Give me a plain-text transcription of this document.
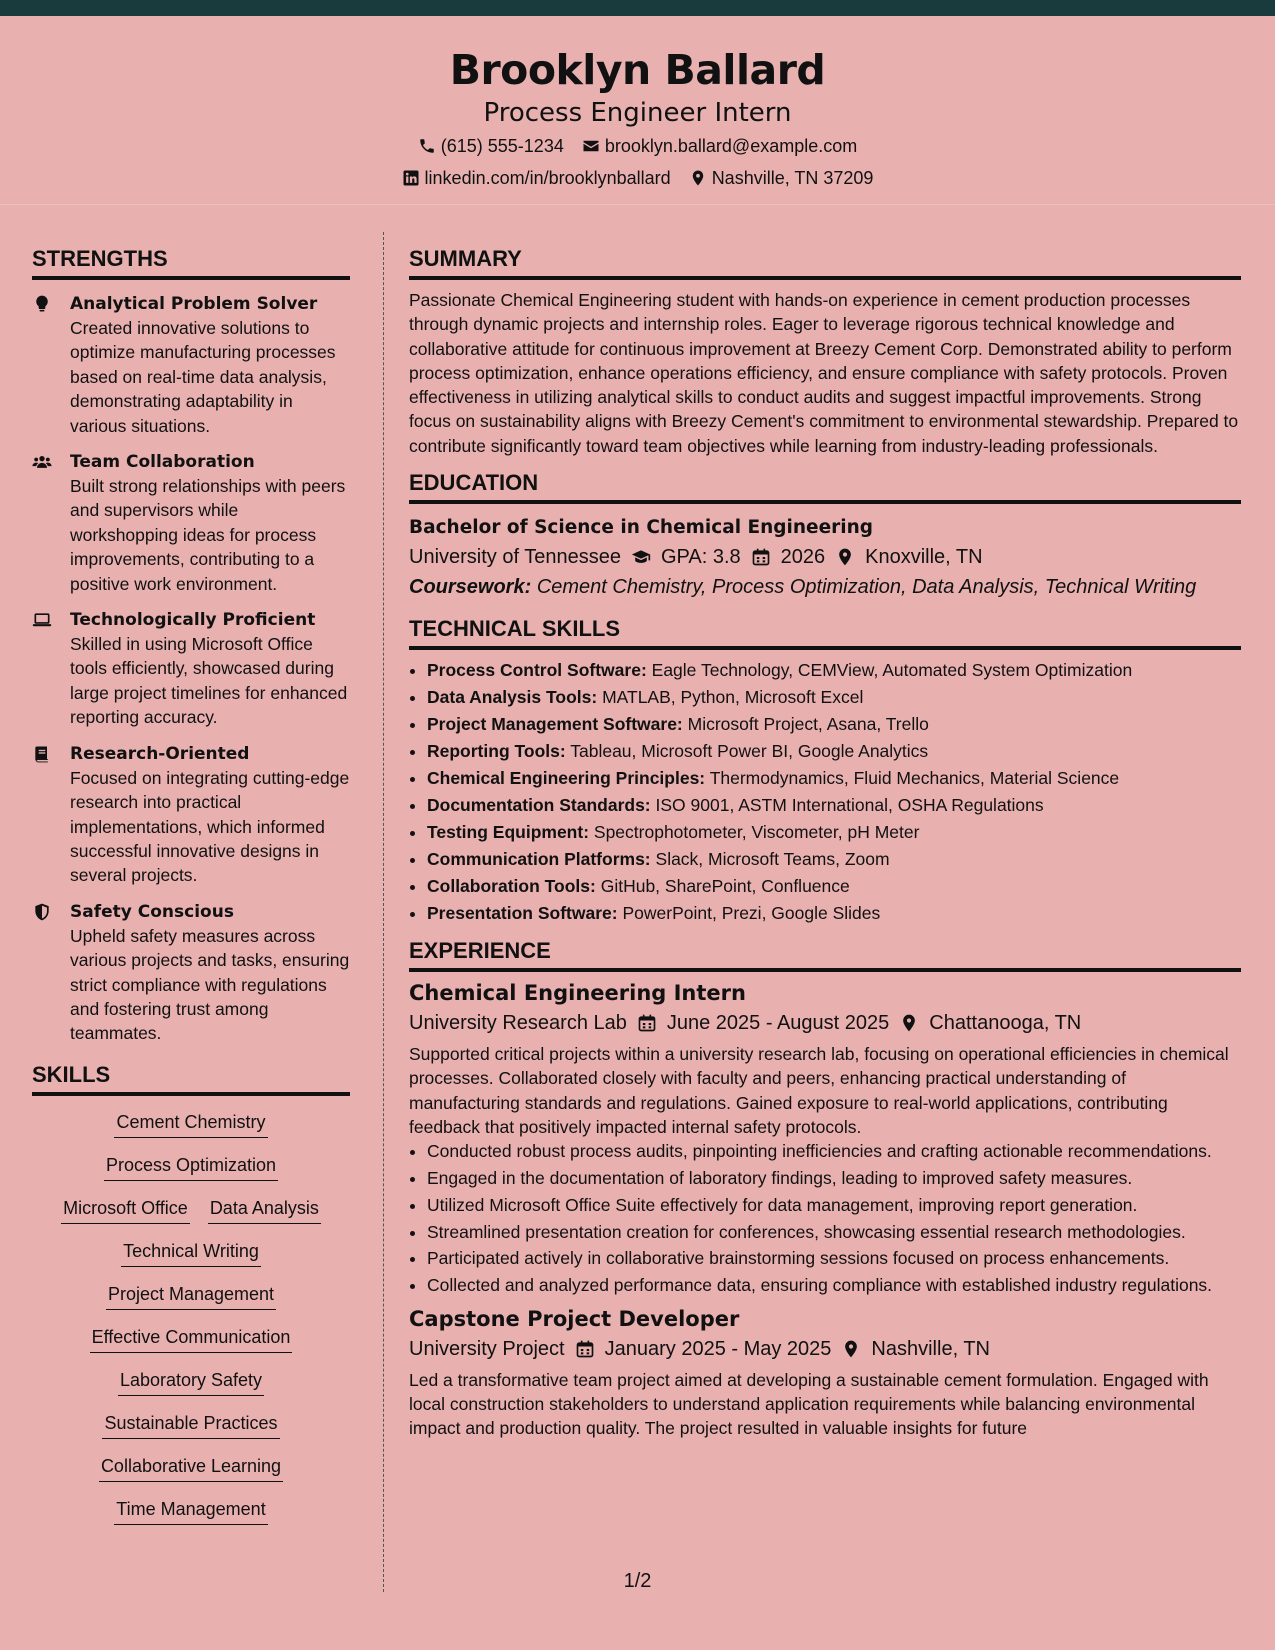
Brooklyn Ballard
Process Engineer Intern
(615) 555-1234 brooklyn.ballard@example.com
linkedin.com/in/brooklynballard Nashville, TN 37209
STRENGTHS
Analytical Problem Solver
Created innovative solutions to optimize manufacturing processes based on real-time data analysis, demonstrating adaptability in various situations.
Team Collaboration
Built strong relationships with peers and supervisors while workshopping ideas for process improvements, contributing to a positive work environment.
Technologically Proficient
Skilled in using Microsoft Office tools efficiently, showcased during large project timelines for enhanced reporting accuracy.
Research-Oriented
Focused on integrating cutting-edge research into practical implementations, which informed successful innovative designs in several projects.
Safety Conscious
Upheld safety measures across various projects and tasks, ensuring strict compliance with regulations and fostering trust among teammates.
SKILLS
Cement Chemistry
Process Optimization
Microsoft Office Data Analysis
Technical Writing
Project Management
Effective Communication
Laboratory Safety
Sustainable Practices
Collaborative Learning
Time Management
SUMMARY
Passionate Chemical Engineering student with hands-on experience in cement production processes through dynamic projects and internship roles. Eager to leverage rigorous technical knowledge and collaborative attitude for continuous improvement at Breezy Cement Corp. Demonstrated ability to perform process optimization, enhance operations efficiency, and ensure compliance with safety protocols. Proven effectiveness in utilizing analytical skills to conduct audits and suggest impactful improvements. Strong focus on sustainability aligns with Breezy Cement's commitment to environmental stewardship. Prepared to contribute significantly toward team objectives while learning from industry-leading professionals.
EDUCATION
Bachelor of Science in Chemical Engineering
University of Tennessee GPA: 3.8 2026 Knoxville, TN
Coursework: Cement Chemistry, Process Optimization, Data Analysis, Technical Writing
TECHNICAL SKILLS
• Process Control Software: Eagle Technology, CEMView, Automated System Optimization
• Data Analysis Tools: MATLAB, Python, Microsoft Excel
• Project Management Software: Microsoft Project, Asana, Trello
• Reporting Tools: Tableau, Microsoft Power BI, Google Analytics
• Chemical Engineering Principles: Thermodynamics, Fluid Mechanics, Material Science
• Documentation Standards: ISO 9001, ASTM International, OSHA Regulations
• Testing Equipment: Spectrophotometer, Viscometer, pH Meter
• Communication Platforms: Slack, Microsoft Teams, Zoom
• Collaboration Tools: GitHub, SharePoint, Confluence
• Presentation Software: PowerPoint, Prezi, Google Slides
EXPERIENCE
Chemical Engineering Intern
University Research Lab June 2025 - August 2025 Chattanooga, TN
Supported critical projects within a university research lab, focusing on operational efficiencies in chemical processes. Collaborated closely with faculty and peers, enhancing practical understanding of manufacturing standards and regulations. Gained exposure to real-world applications, contributing feedback that positively impacted internal safety protocols.
• Conducted robust process audits, pinpointing inefficiencies and crafting actionable recommendations.
• Engaged in the documentation of laboratory findings, leading to improved safety measures.
• Utilized Microsoft Office Suite effectively for data management, improving report generation.
• Streamlined presentation creation for conferences, showcasing essential research methodologies.
• Participated actively in collaborative brainstorming sessions focused on process enhancements.
• Collected and analyzed performance data, ensuring compliance with established industry regulations.
Capstone Project Developer
University Project January 2025 - May 2025 Nashville, TN
Led a transformative team project aimed at developing a sustainable cement formulation. Engaged with local construction stakeholders to understand application requirements while balancing environmental impact and production quality. The project resulted in valuable insights for future
1/2
